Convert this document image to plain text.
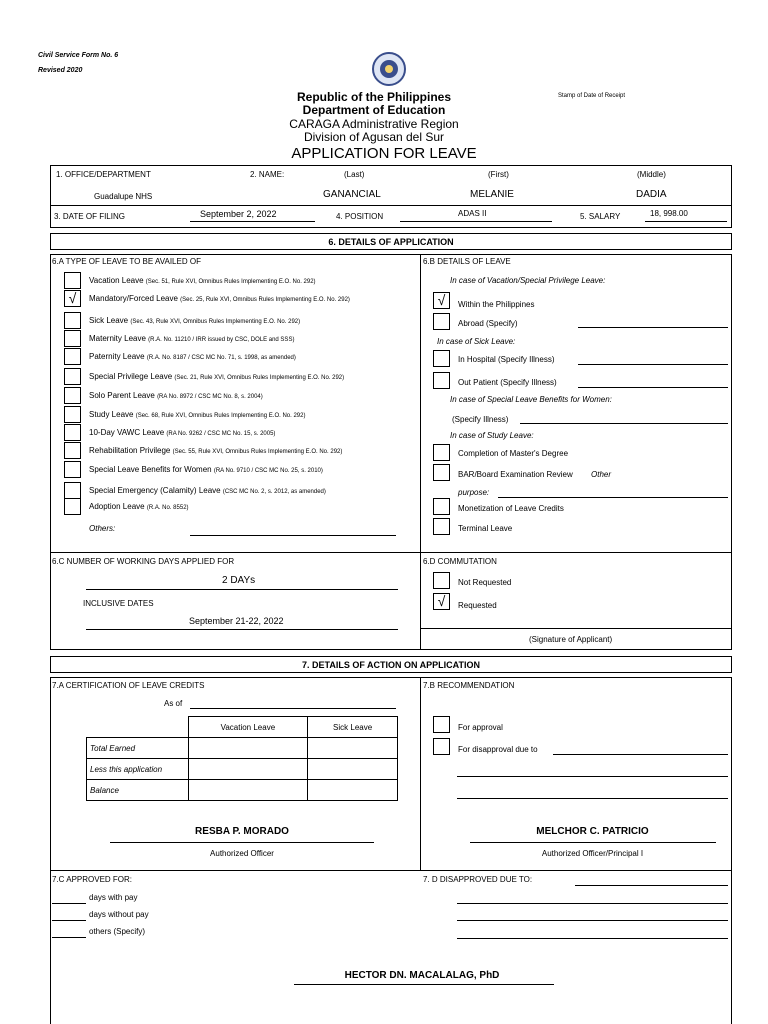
Civil Service Form No. 6
Revised 2020
Stamp of Date of Receipt
Republic of the Philippines
Department of Education
CARAGA Administrative Region
Division of Agusan del Sur
APPLICATION FOR LEAVE
1. OFFICE/DEPARTMENT	2. NAME:	(Last)	(First)	(Middle)
Guadalupe NHS	GANANCIAL	MELANIE	DADIA
3. DATE OF FILING	September 2, 2022	4. POSITION	ADAS II	5. SALARY	18, 998.00
6. DETAILS OF APPLICATION
6.A TYPE OF LEAVE TO BE AVAILED OF	6.B DETAILS OF LEAVE
Vacation Leave (Sec. 51, Rule XVI, Omnibus Rules Implementing E.O. No. 292)
√	Mandatory/Forced Leave (Sec. 25, Rule XVI, Omnibus Rules Implementing E.O. No. 292)
Sick Leave (Sec. 43, Rule XVI, Omnibus Rules Implementing E.O. No. 292)
Maternity Leave (R.A. No. 11210 / IRR issued by CSC, DOLE and SSS)
Paternity Leave (R.A. No. 8187 / CSC MC No. 71, s. 1998, as amended)
Special Privilege Leave (Sec. 21, Rule XVI, Omnibus Rules Implementing E.O. No. 292)
Solo Parent Leave (RA No. 8972 / CSC MC No. 8, s. 2004)
Study Leave (Sec. 68, Rule XVI, Omnibus Rules Implementing E.O. No. 292)
10-Day VAWC Leave (RA No. 9262 / CSC MC No. 15, s. 2005)
Rehabilitation Privilege (Sec. 55, Rule XVI, Omnibus Rules Implementing E.O. No. 292)
Special Leave Benefits for Women (RA No. 9710 / CSC MC No. 25, s. 2010)
Special Emergency (Calamity) Leave (CSC MC No. 2, s. 2012, as amended)
Adoption Leave (R.A. No. 8552)
Others:
In case of Vacation/Special Privilege Leave:
√	Within the Philippines
Abroad (Specify)
In case of Sick Leave:
In Hospital (Specify Illness)
Out Patient (Specify Illness)
In case of Special Leave Benefits for Women:
(Specify Illness)
In case of Study Leave:
Completion of Master's Degree
BAR/Board Examination Review Other
purpose:
Monetization of Leave Credits
Terminal Leave
6.C NUMBER OF WORKING DAYS APPLIED FOR
2 DAYs
INCLUSIVE DATES
September 21-22, 2022
6.D COMMUTATION
Not Requested
√	Requested
(Signature of Applicant)
7. DETAILS OF ACTION ON APPLICATION
7.A CERTIFICATION OF LEAVE CREDITS
As of
	Vacation Leave	Sick Leave
Total Earned		
Less this application		
Balance		
RESBA P. MORADO
Authorized Officer
7.B RECOMMENDATION
For approval
For disapproval due to
MELCHOR C. PATRICIO
Authorized Officer/Principal I
7.C APPROVED FOR:
days with pay
days without pay
others (Specify)
7. D DISAPPROVED DUE TO:
HECTOR DN. MACALALAG, PhD
